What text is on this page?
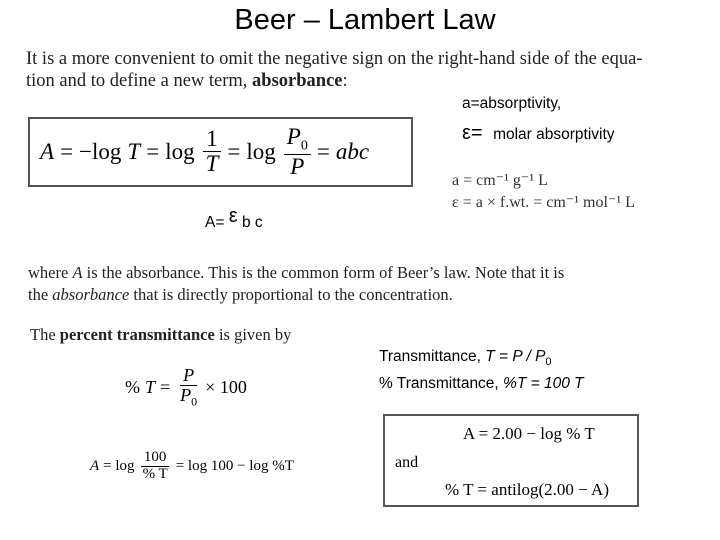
Beer – Lambert Law
It is a more convenient to omit the negative sign on the right-hand side of the equa-
tion and to define a new term, absorbance:
A = −log $T = \log \frac{1}{T} = \log \frac{P_0}{P}$ = abc
a=absorptivity,
ε= molar absorptivity
a = cm⁻¹ g⁻¹ L
ε = a × f.wt. = cm⁻¹ mol⁻¹ L
A= ε b c
where A is the absorbance. This is the common form of Beer’s law. Note that it is
the absorbance that is directly proportional to the concentration.
The percent transmittance is given by
% $T = \frac{P}{P_0} \times 100$
$A = \log \frac{100}{\% T} = \log 100 - \log \%T$
Transmittance, $T = P / P_0$
% Transmittance, %T = 100 T
A = 2.00 − log % T
and
% T = antilog(2.00 − A)
